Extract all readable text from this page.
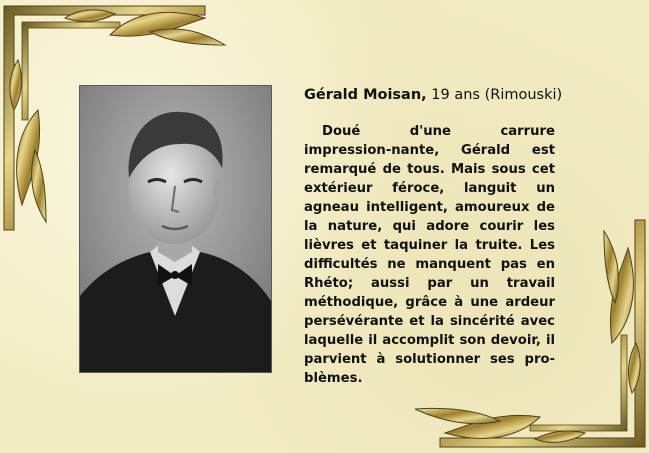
Gérald Moisan, 19 ans (Rimouski)

Doué d'une carrure impression-nante, Gérald est remarqué de tous. Mais sous cet extérieur féroce, languit un agneau intelligent, amoureux de la nature, qui adore courir les lièvres et taquiner la truite. Les difficultés ne manquent pas en Rhéto; aussi par un travail méthodique, grâce à une ardeur persévérante et la sincérité avec laquelle il accomplit son devoir, il parvient à solutionner ses pro-blèmes.
